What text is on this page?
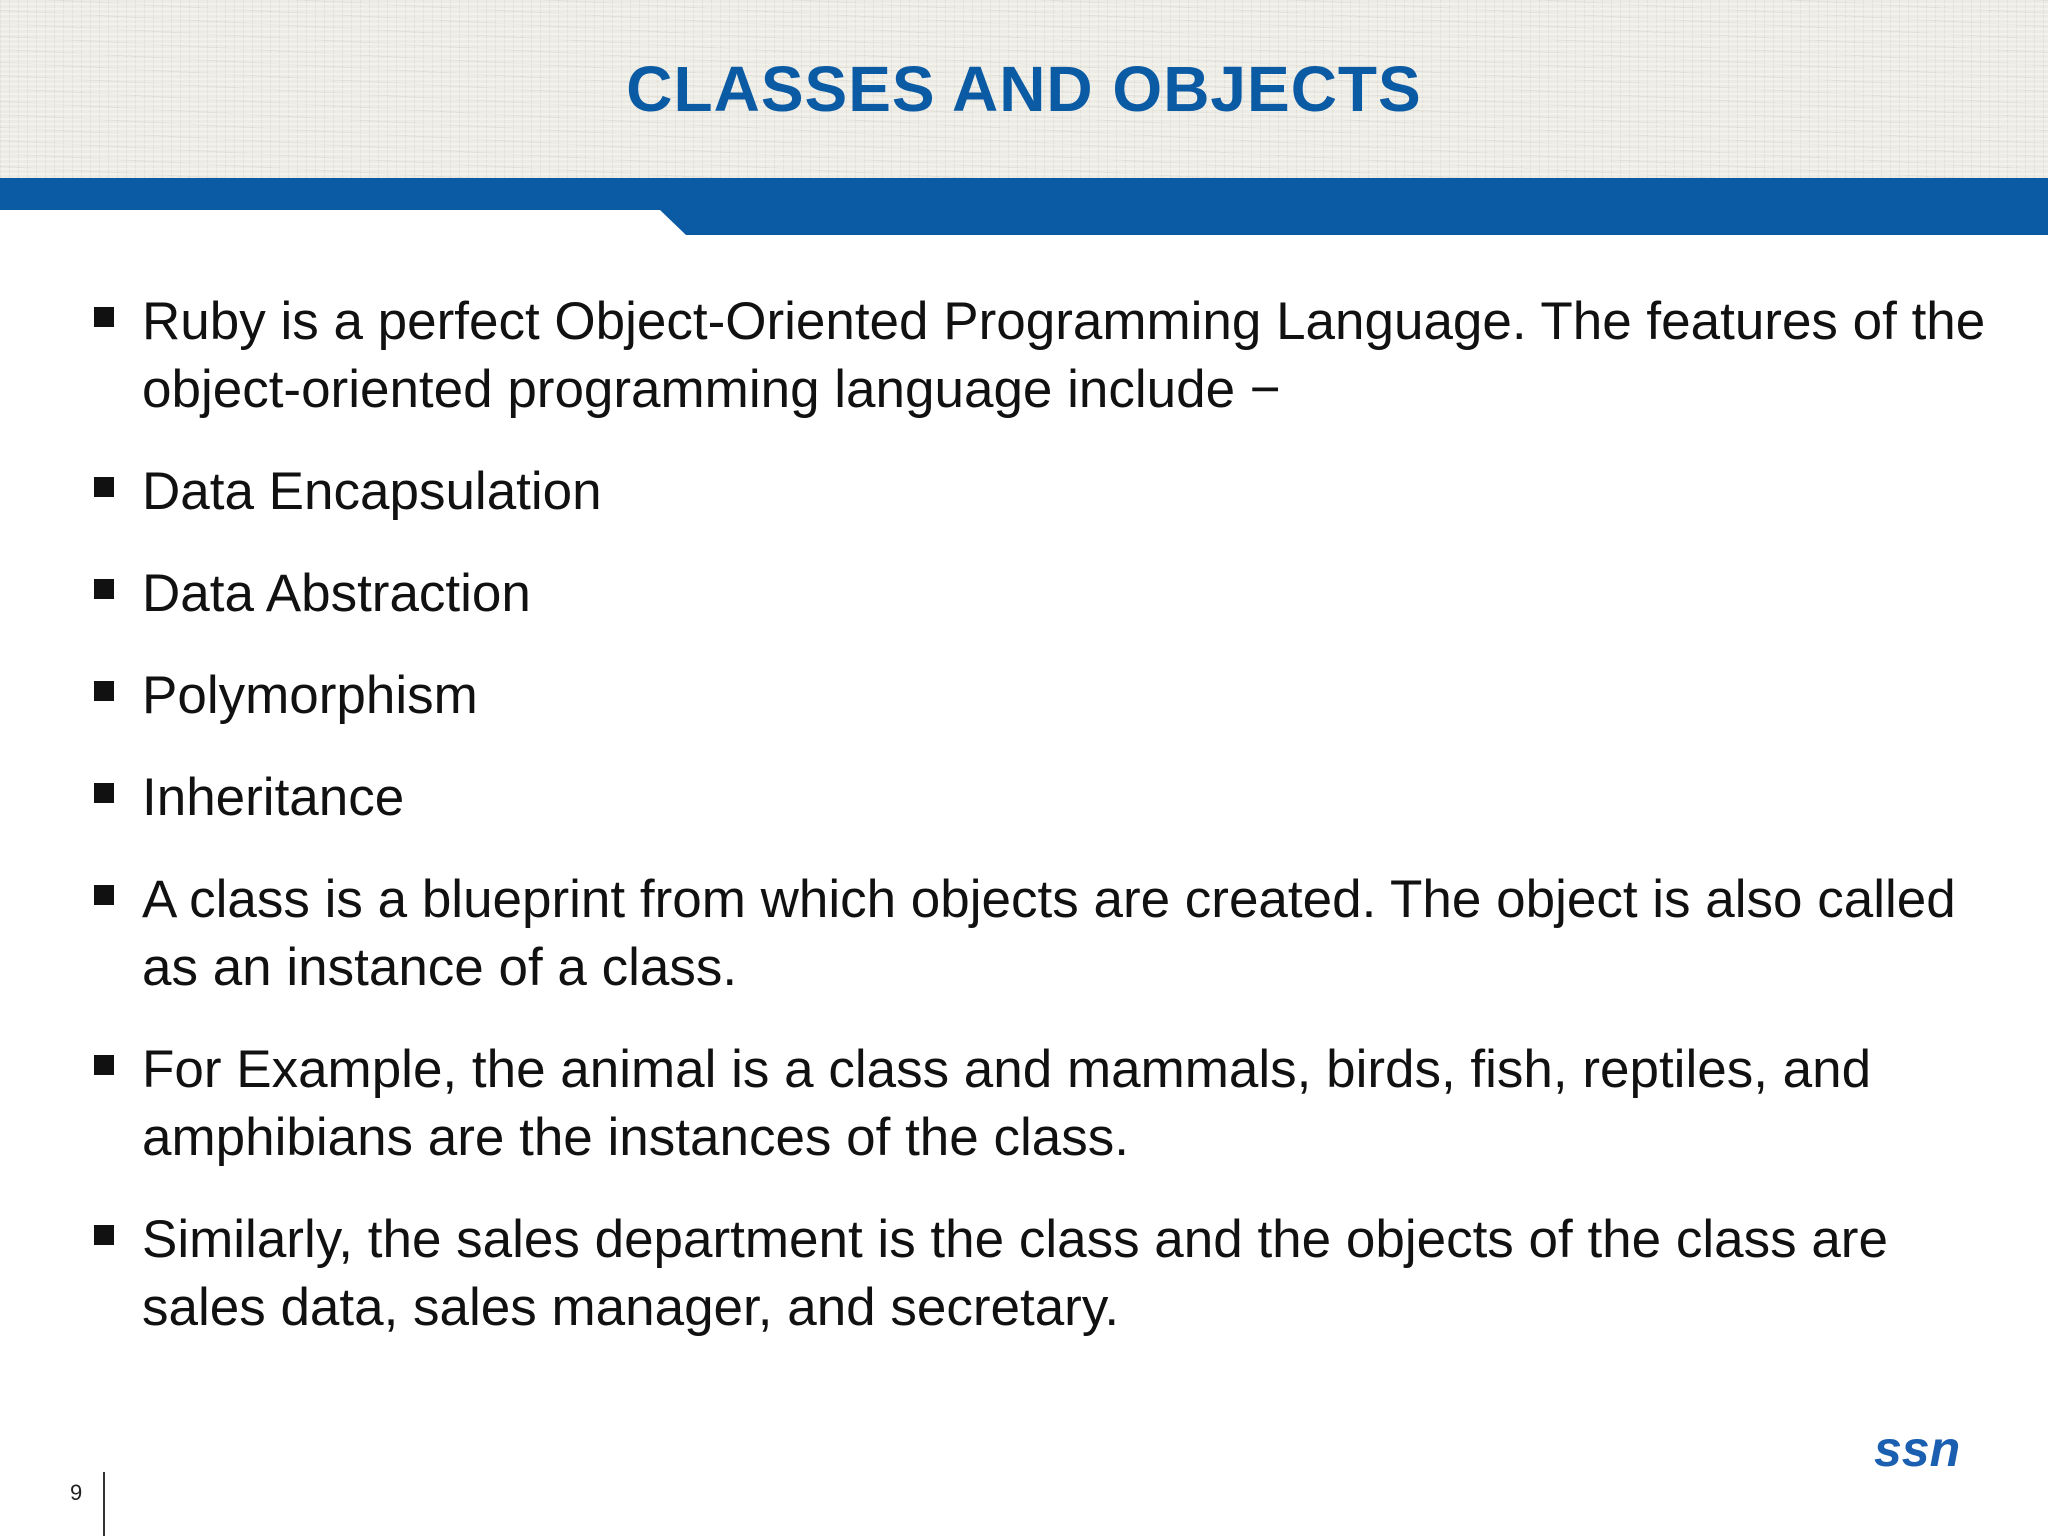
CLASSES AND OBJECTS
Ruby is a perfect Object-Oriented Programming Language. The features of the object-oriented programming language include −
Data Encapsulation
Data Abstraction
Polymorphism
Inheritance
A class is a blueprint from which objects are created. The object is also called as an instance of a class.
For Example, the animal is a class and mammals, birds, fish, reptiles, and amphibians are the instances of the class.
Similarly, the sales department is the class and the objects of the class are sales data, sales manager, and secretary.
9
ssn
